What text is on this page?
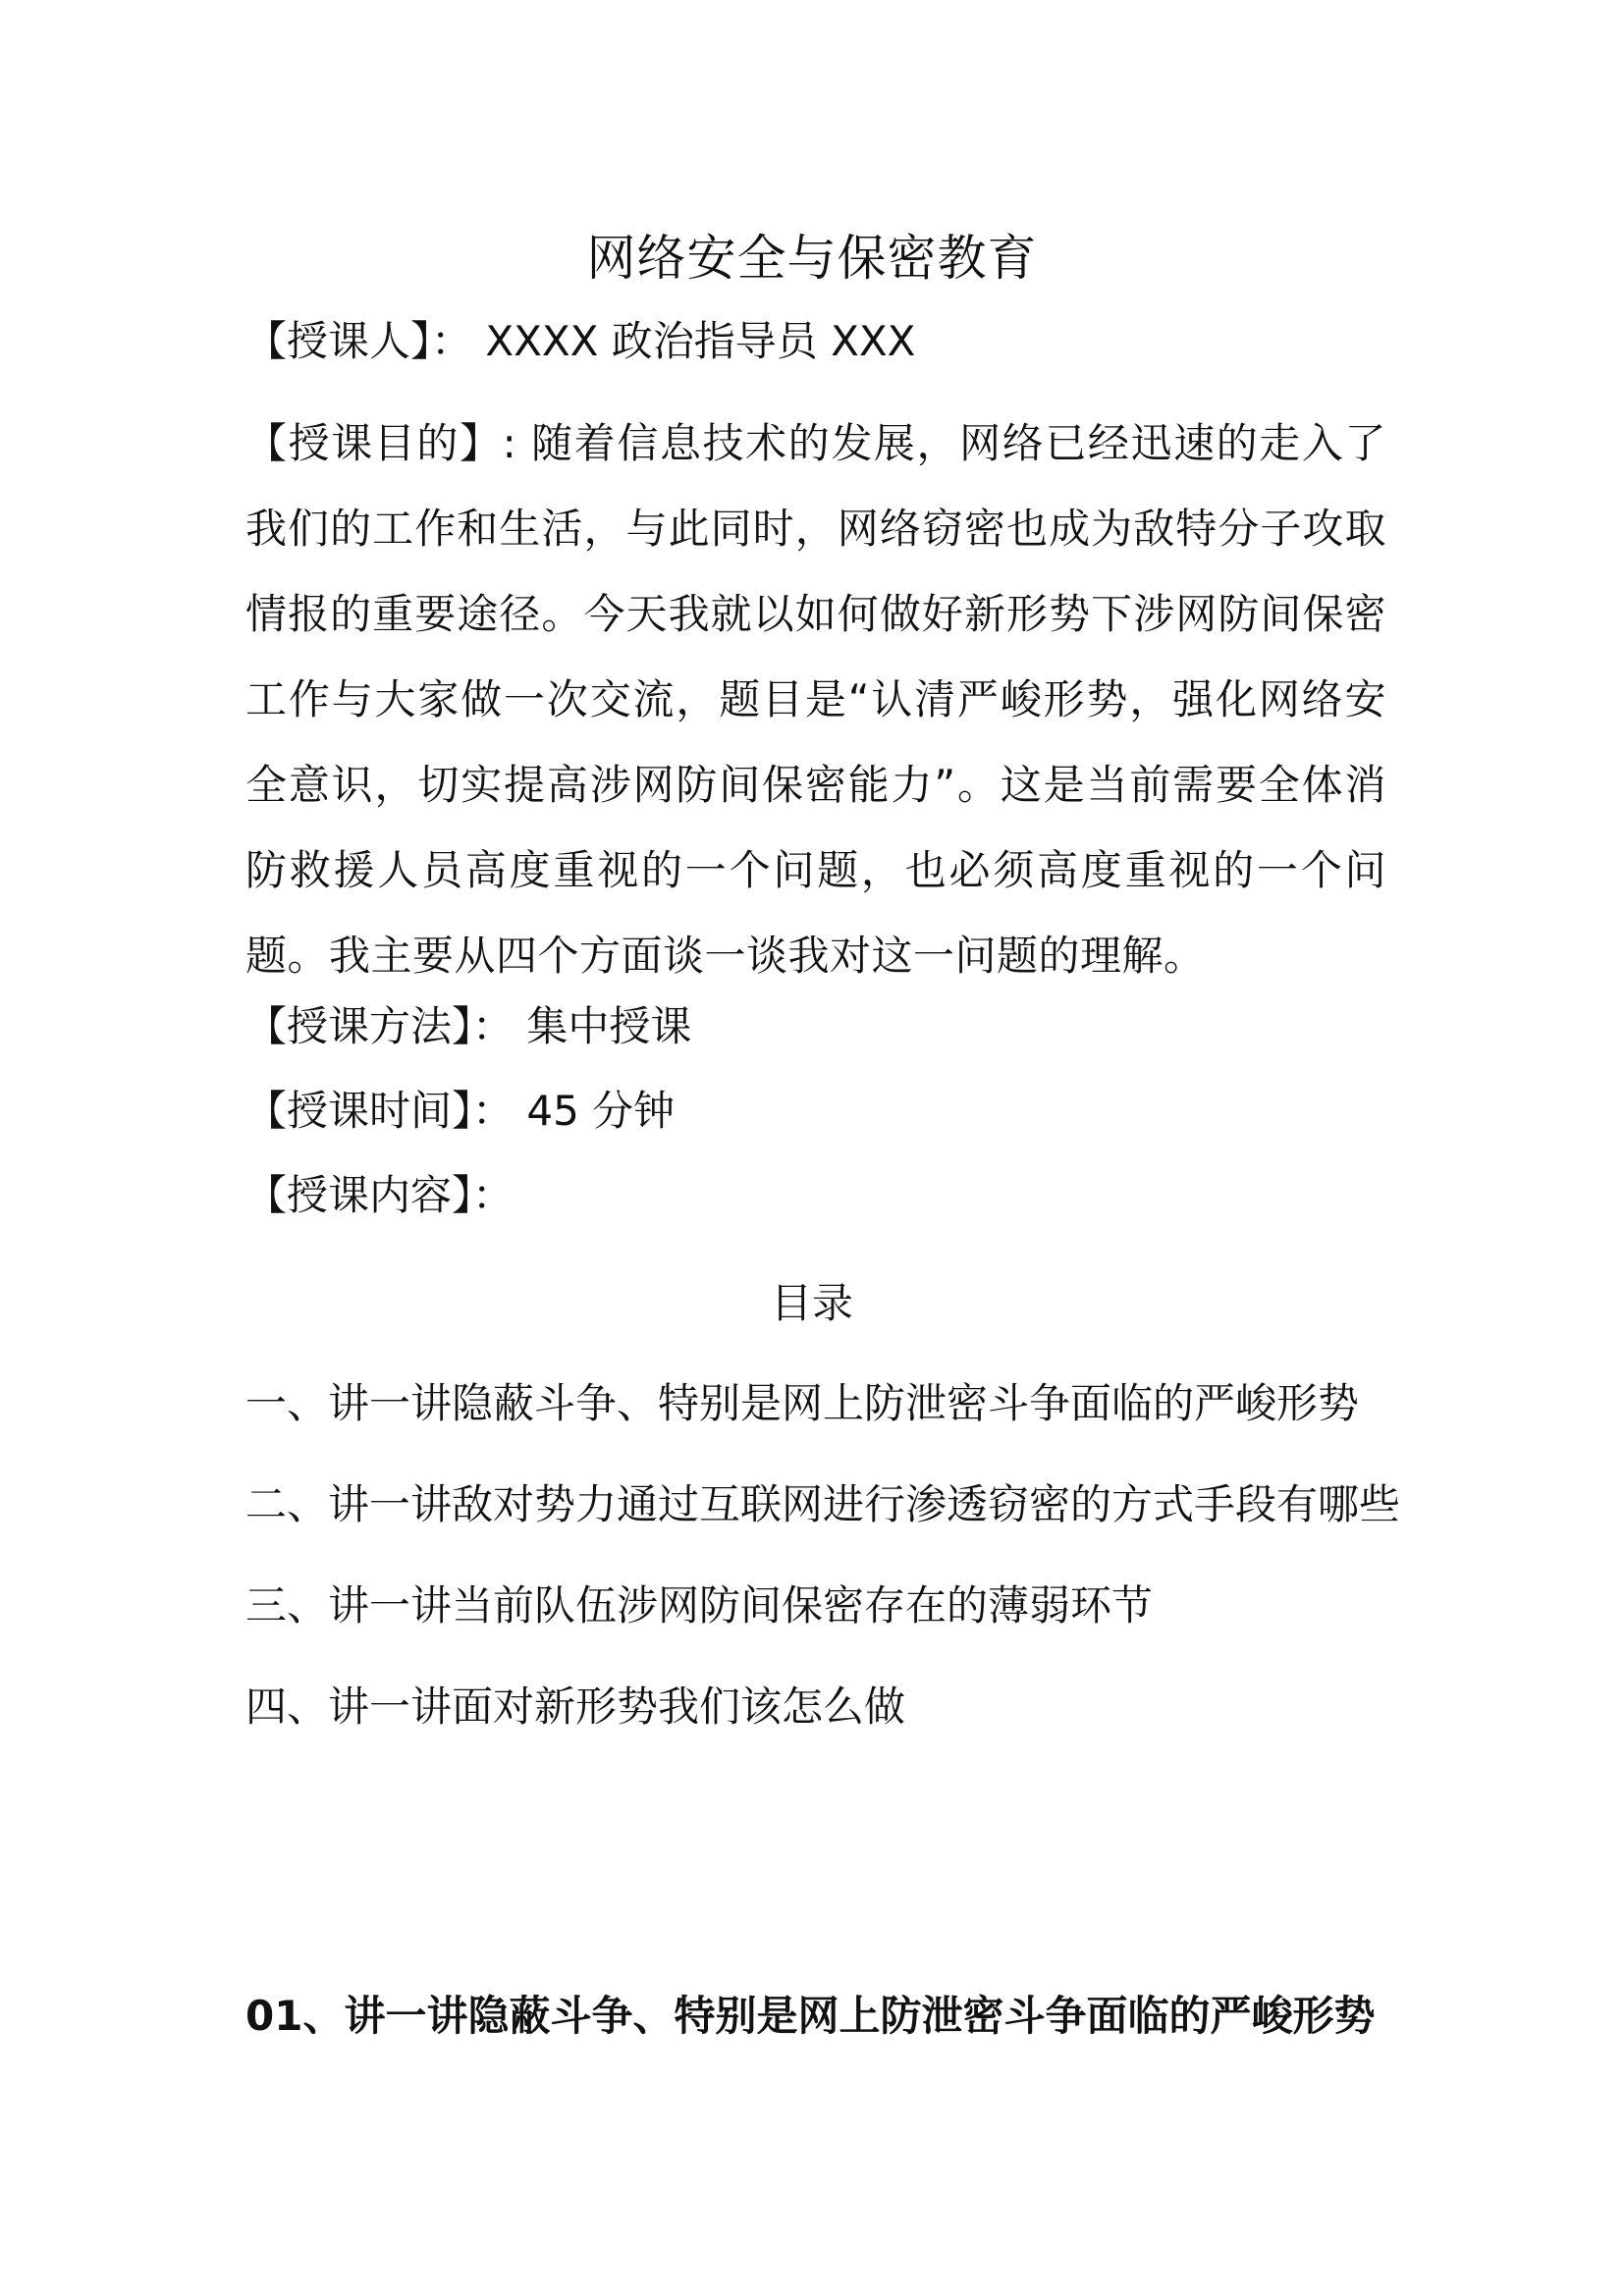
网络安全与保密教育

【授课人】： XXXX 政治指导员 XXX

【授课目的】: 随着信息技术的发展，网络已经迅速的走入了我们的工作和生活，与此同时，网络窃密也成为敌特分子攻取情报的重要途径。今天我就以如何做好新形势下涉网防间保密工作与大家做一次交流，题目是“认清严峻形势，强化网络安全意识，切实提高涉网防间保密能力”。这是当前需要全体消防救援人员高度重视的一个问题，也必须高度重视的一个问题。我主要从四个方面谈一谈我对这一问题的理解。

【授课方法】： 集中授课

【授课时间】： 45 分钟

【授课内容】：

目录

一、讲一讲隐蔽斗争、特别是网上防泄密斗争面临的严峻形势

二、讲一讲敌对势力通过互联网进行渗透窃密的方式手段有哪些

三、讲一讲当前队伍涉网防间保密存在的薄弱环节

四、讲一讲面对新形势我们该怎么做

01、讲一讲隐蔽斗争、特别是网上防泄密斗争面临的严峻形势
